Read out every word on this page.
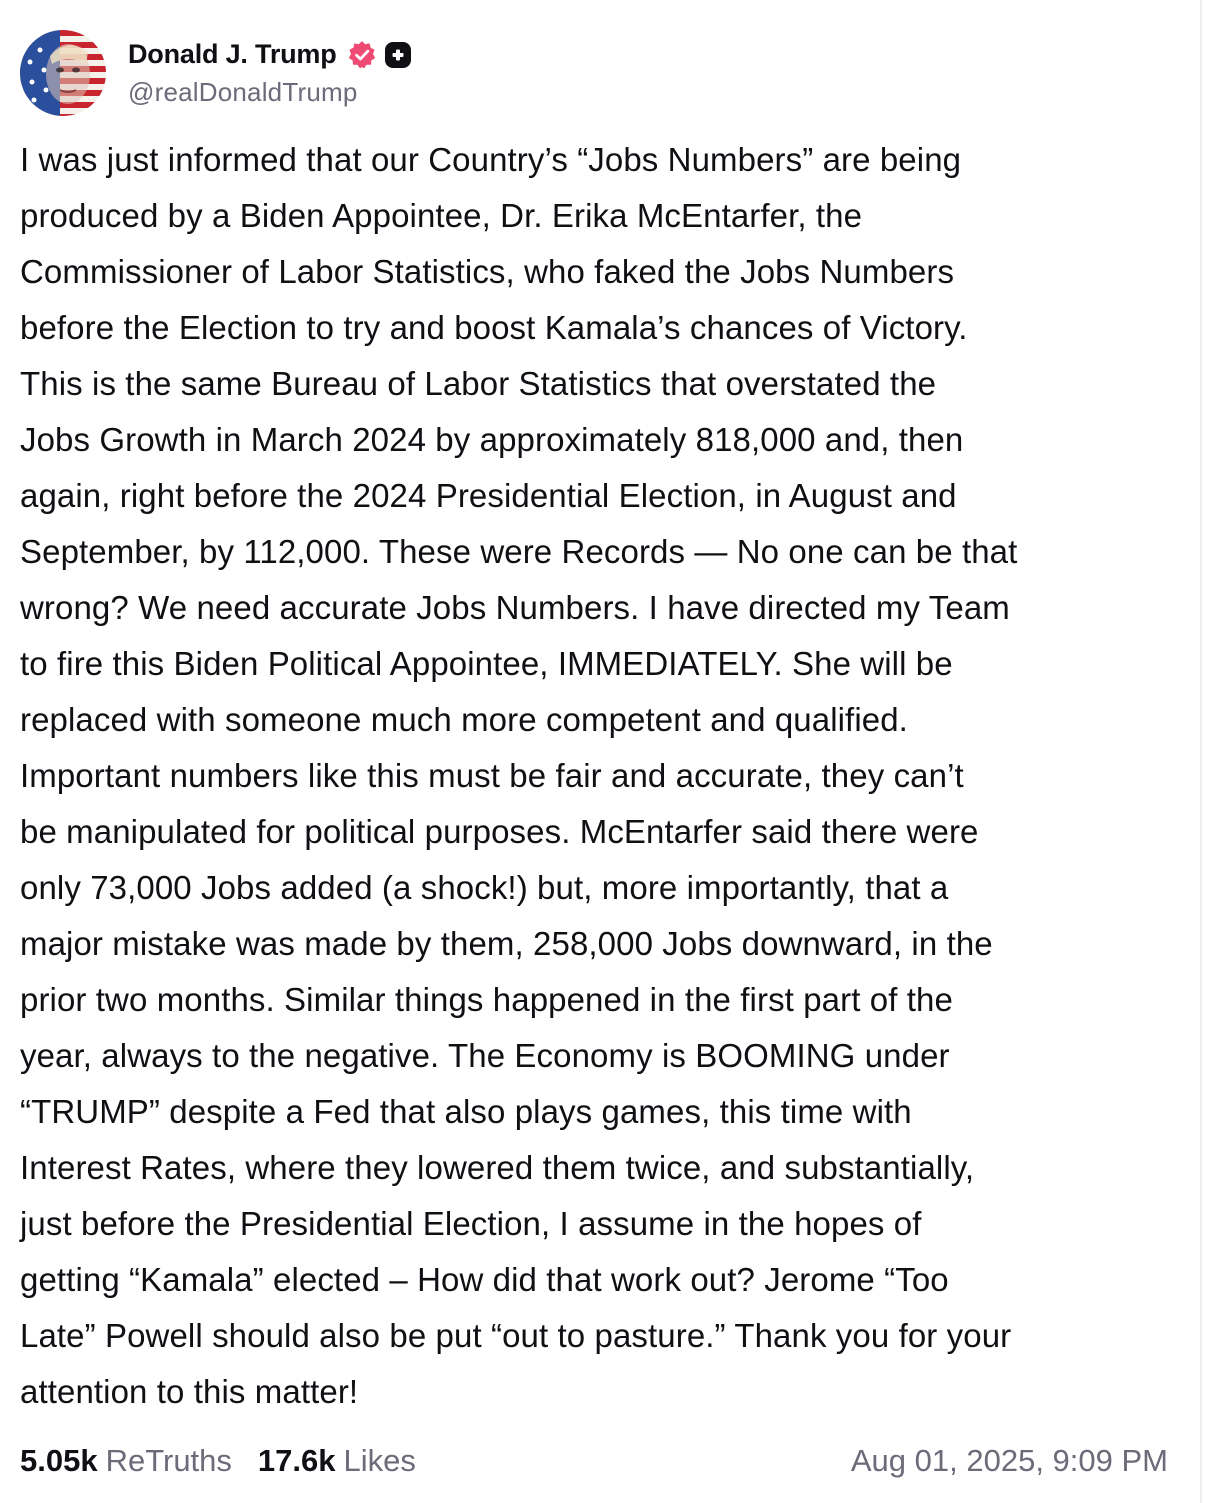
Donald J. Trump
@realDonaldTrump
I was just informed that our Country’s “Jobs Numbers” are being
produced by a Biden Appointee, Dr. Erika McEntarfer, the
Commissioner of Labor Statistics, who faked the Jobs Numbers
before the Election to try and boost Kamala’s chances of Victory.
This is the same Bureau of Labor Statistics that overstated the
Jobs Growth in March 2024 by approximately 818,000 and, then
again, right before the 2024 Presidential Election, in August and
September, by 112,000. These were Records — No one can be that
wrong? We need accurate Jobs Numbers. I have directed my Team
to fire this Biden Political Appointee, IMMEDIATELY. She will be
replaced with someone much more competent and qualified.
Important numbers like this must be fair and accurate, they can’t
be manipulated for political purposes. McEntarfer said there were
only 73,000 Jobs added (a shock!) but, more importantly, that a
major mistake was made by them, 258,000 Jobs downward, in the
prior two months. Similar things happened in the first part of the
year, always to the negative. The Economy is BOOMING under
“TRUMP” despite a Fed that also plays games, this time with
Interest Rates, where they lowered them twice, and substantially,
just before the Presidential Election, I assume in the hopes of
getting “Kamala” elected – How did that work out? Jerome “Too
Late” Powell should also be put “out to pasture.” Thank you for your
attention to this matter!
5.05k ReTruths 17.6k Likes	Aug 01, 2025, 9:09 PM
